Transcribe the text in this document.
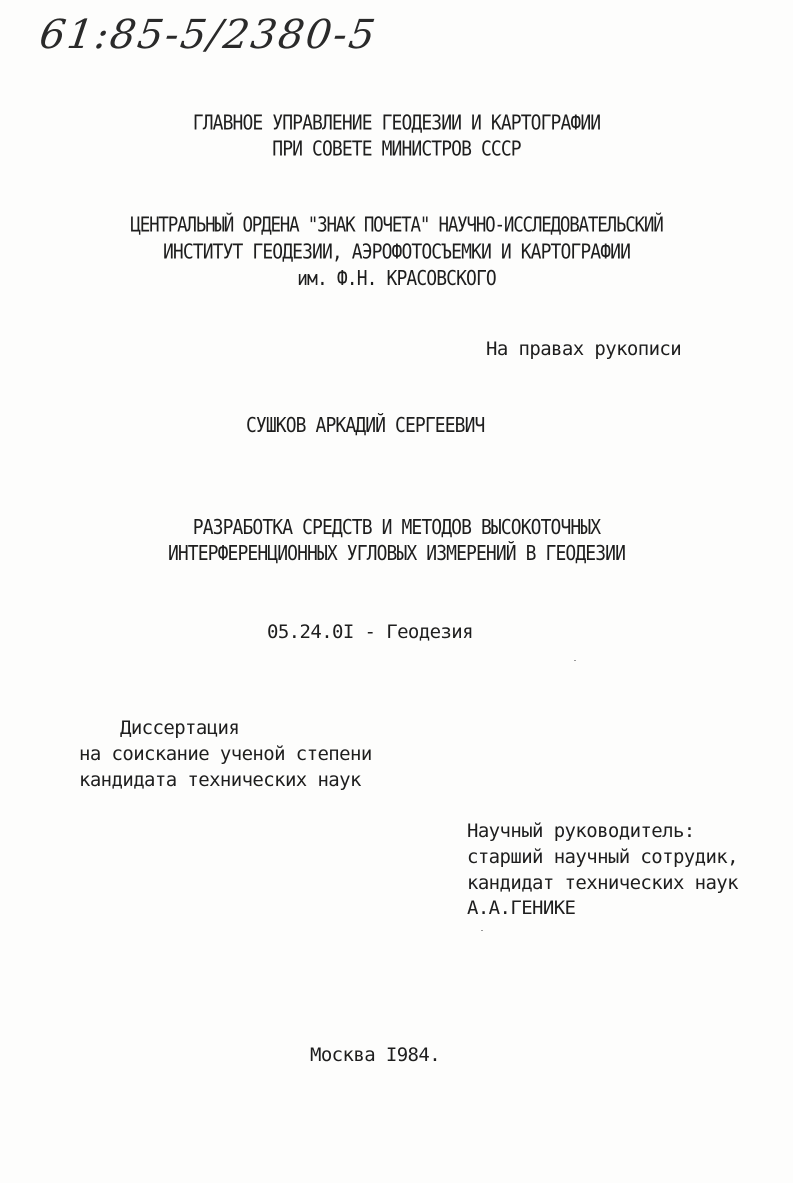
61:85-5/2380-5
ГЛАВНОЕ УПРАВЛЕНИЕ ГЕОДЕЗИИ И КАРТОГРАФИИ
ПРИ СОВЕТЕ МИНИСТРОВ СССР
ЦЕНТРАЛЬНЫЙ ОРДЕНА "ЗНАК ПОЧЕТА" НАУЧНО-ИССЛЕДОВАТЕЛЬСКИЙ
ИНСТИТУТ ГЕОДЕЗИИ, АЭРОФОТОСЪЕМКИ И КАРТОГРАФИИ
им. Ф.Н. КРАСОВСКОГО
На правах рукописи
СУШКОВ АРКАДИЙ СЕРГЕЕВИЧ
РАЗРАБОТКА СРЕДСТВ И МЕТОДОВ ВЫСОКОТОЧНЫХ
ИНТЕРФЕРЕНЦИОННЫХ УГЛОВЫХ ИЗМЕРЕНИЙ В ГЕОДЕЗИИ
05.24.0I - Геодезия
Диссертация
на соискание ученой степени
кандидата технических наук
Научный руководитель:
старший научный сотрудик,
кандидат технических наук
А.А.ГЕНИКЕ
Москва I984.
